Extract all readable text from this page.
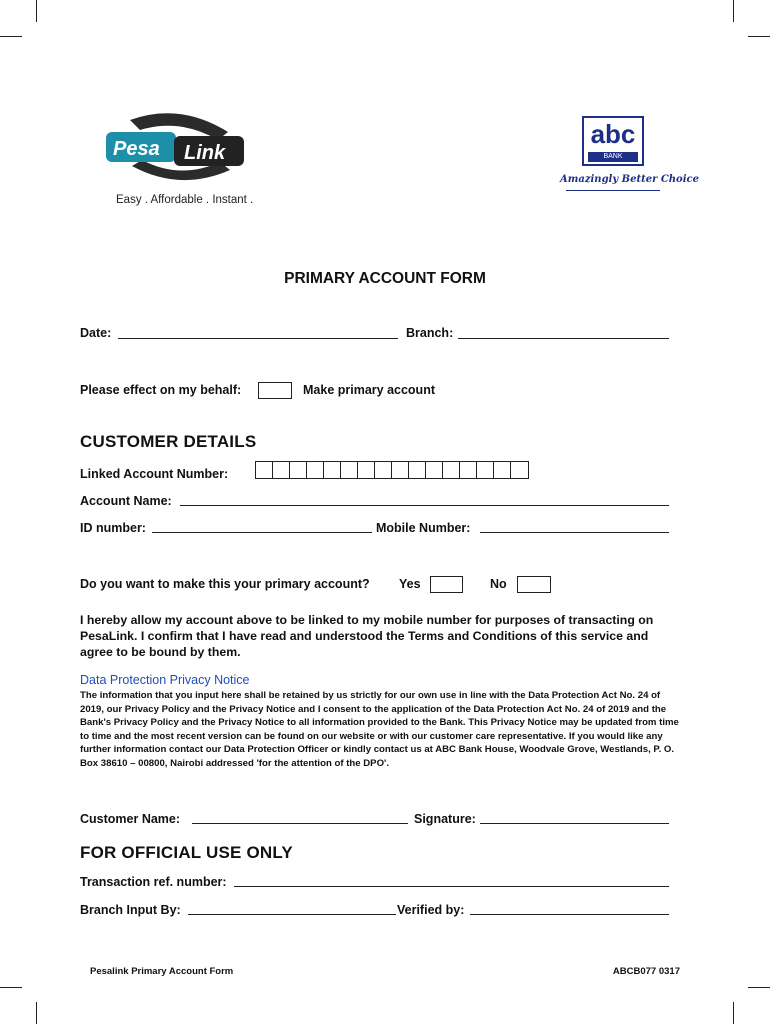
Pesa Link
Easy . Affordable . Instant .
abc
BANK
Amazingly Better Choice
PRIMARY ACCOUNT FORM
Date:	Branch:
Please effect on my behalf:	Make primary account
CUSTOMER DETAILS
Linked Account Number:
Account Name:
ID number:	Mobile Number:
Do you want to make this your primary account? Yes	No
I hereby allow my account above to be linked to my mobile number for purposes of transacting on PesaLink. I confirm that I have read and understood the Terms and Conditions of this service and agree to be bound by them.
Data Protection Privacy Notice
The information that you input here shall be retained by us strictly for our own use in line with the Data Protection Act No. 24 of 2019, our Privacy Policy and the Privacy Notice and I consent to the application of the Data Protection Act No. 24 of 2019 and the Bank's Privacy Policy and the Privacy Notice to all information provided to the Bank. This Privacy Notice may be updated from time to time and the most recent version can be found on our website or with our customer care representative. If you would like any further information contact our Data Protection Officer or kindly contact us at ABC Bank House, Woodvale Grove, Westlands, P. O. Box 38610 – 00800, Nairobi addressed 'for the attention of the DPO'.
Customer Name:	Signature:
FOR OFFICIAL USE ONLY
Transaction ref. number:
Branch Input By:	Verified by:
Pesalink Primary Account Form	ABCB077 0317
